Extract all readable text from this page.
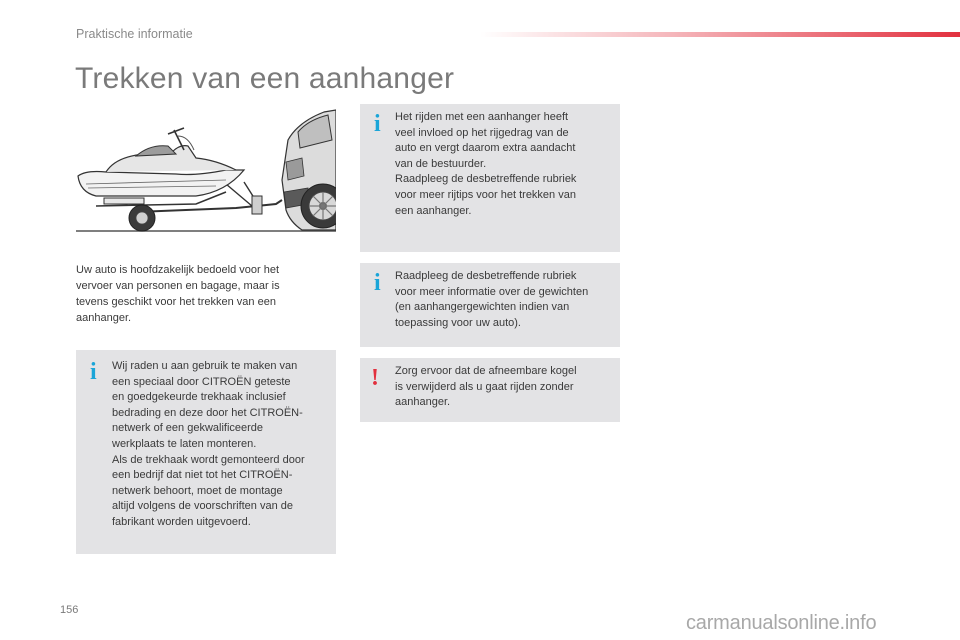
Praktische informatie
Trekken van een aanhanger
Uw auto is hoofdzakelijk bedoeld voor het
vervoer van personen en bagage, maar is
tevens geschikt voor het trekken van een
aanhanger.
i Wij raden u aan gebruik te maken van
een speciaal door CITROËN geteste
en goedgekeurde trekhaak inclusief
bedrading en deze door het CITROËN-
netwerk of een gekwalificeerde
werkplaats te laten monteren.
Als de trekhaak wordt gemonteerd door
een bedrijf dat niet tot het CITROËN-
netwerk behoort, moet de montage
altijd volgens de voorschriften van de
fabrikant worden uitgevoerd.
i Het rijden met een aanhanger heeft
veel invloed op het rijgedrag van de
auto en vergt daarom extra aandacht
van de bestuurder.
Raadpleeg de desbetreffende rubriek
voor meer rijtips voor het trekken van
een aanhanger.
i Raadpleeg de desbetreffende rubriek
voor meer informatie over de gewichten
(en aanhangergewichten indien van
toepassing voor uw auto).
! Zorg ervoor dat de afneembare kogel
is verwijderd als u gaat rijden zonder
aanhanger.
156
carmanualsonline.info
